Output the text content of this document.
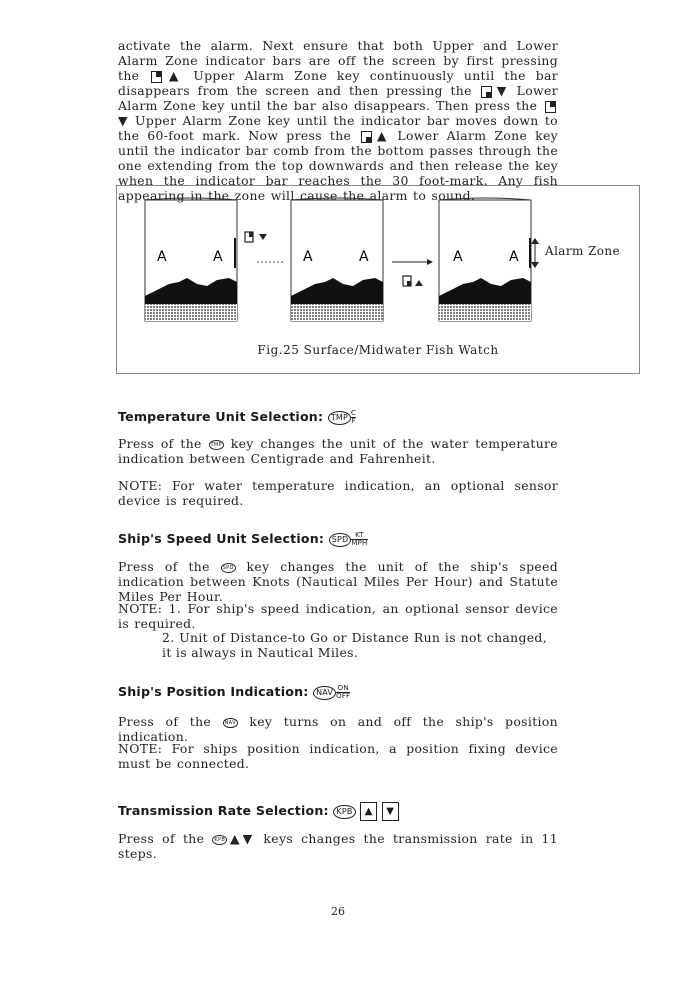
activate the alarm. Next ensure that both Upper and Lower Alarm Zone indicator bars are off the screen by first pressing the ▲ Upper Alarm Zone key continuously until the bar disappears from the screen and then pressing the ▼ Lower Alarm Zone key until the bar also disappears. Then press the ▼ Upper Alarm Zone key until the indicator bar moves down to the 60-foot mark. Now press the ▲ Lower Alarm Zone key until the indicator bar comb from the bottom passes through the one extending from the top downwards and then release the key when the indicator bar reaches the 30 foot-mark. Any fish appearing in the zone will cause the alarm to sound.
A	A	A	A	A	A Alarm Zone
Fig.25 Surface/Midwater Fish Watch
Temperature Unit Selection: TMP $\frac{C}{F}$
Press of the TMP key changes the unit of the water temperature indication between Centigrade and Fahrenheit.
NOTE: For water temperature indication, an optional sensor device is required.
Ship's Speed Unit Selection: SPD $\frac{KT}{\text{MPH}}$
Press of the	SPD key changes the unit of the ship's speed indication between Knots (Nautical Miles Per Hour) and Statute Miles Per Hour.
NOTE: 1. For ship's speed indication, an optional sensor device is required.
2. Unit of Distance-to Go or Distance Run is not changed, it is always in Nautical Miles.
Ship's Position Indication: NAV $\frac{ON}{\text{OFF}}$
Press of the	NAV key turns on and off the ship's position indication.
NOTE: For ships position indication, a position fixing device must be connected.
Transmission Rate Selection: KPB ▲ ▼
Press of the KPB ▲▼ keys changes the transmission rate in 11 steps.
26
